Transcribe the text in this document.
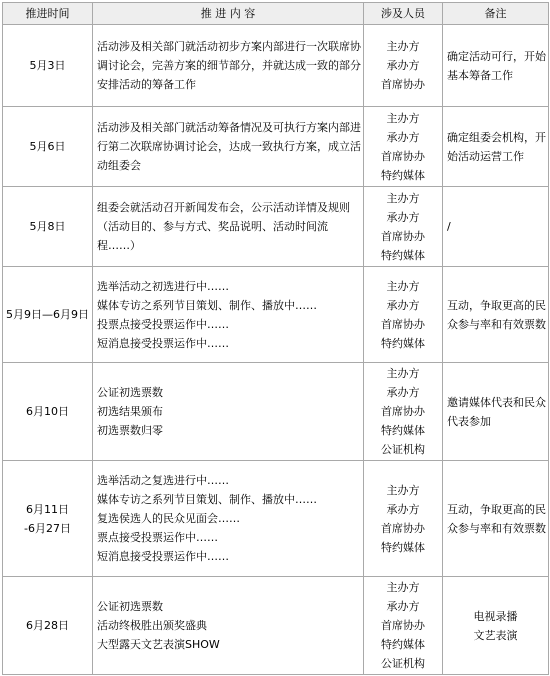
推进时间	推 进 内 容	涉及人员	备注
5月3日	活动涉及相关部门就活动初步方案内部进行一次联席协调讨论会，完善方案的细节部分，并就达成一致的部分安排活动的筹备工作	主办方
承办方
首席协办	确定活动可行，开始基本筹备工作

5月6日	活动涉及相关部门就活动筹备情况及可执行方案内部进行第二次联席协调讨论会，达成一致执行方案，成立活动组委会	主办方
承办方
首席协办
特约媒体	确定组委会机构，开始活动运营工作

5月8日	组委会就活动召开新闻发布会，公示活动详情及规则（活动目的、参与方式、奖品说明、活动时间流程……）	主办方
承办方
首席协办
特约媒体	/

5月9日—6月9日	选举活动之初选进行中……
媒体专访之系列节目策划、制作、播放中……
投票点接受投票运作中……
短消息接受投票运作中……	主办方
承办方
首席协办
特约媒体	互动，争取更高的民众参与率和有效票数

6月10日	公证初选票数
初选结果颁布
初选票数归零	主办方
承办方
首席协办
特约媒体
公证机构	邀请媒体代表和民众代表参加

6月11日
-6月27日	选举活动之复选进行中……
媒体专访之系列节目策划、制作、播放中……
复选侯选人的民众见面会……
票点接受投票运作中……
短消息接受投票运作中……	主办方
承办方
首席协办
特约媒体	互动，争取更高的民众参与率和有效票数

6月28日	公证初选票数
活动终极胜出颁奖盛典
大型露天文艺表演SHOW	主办方
承办方
首席协办
特约媒体
公证机构	电视录播
文艺表演
